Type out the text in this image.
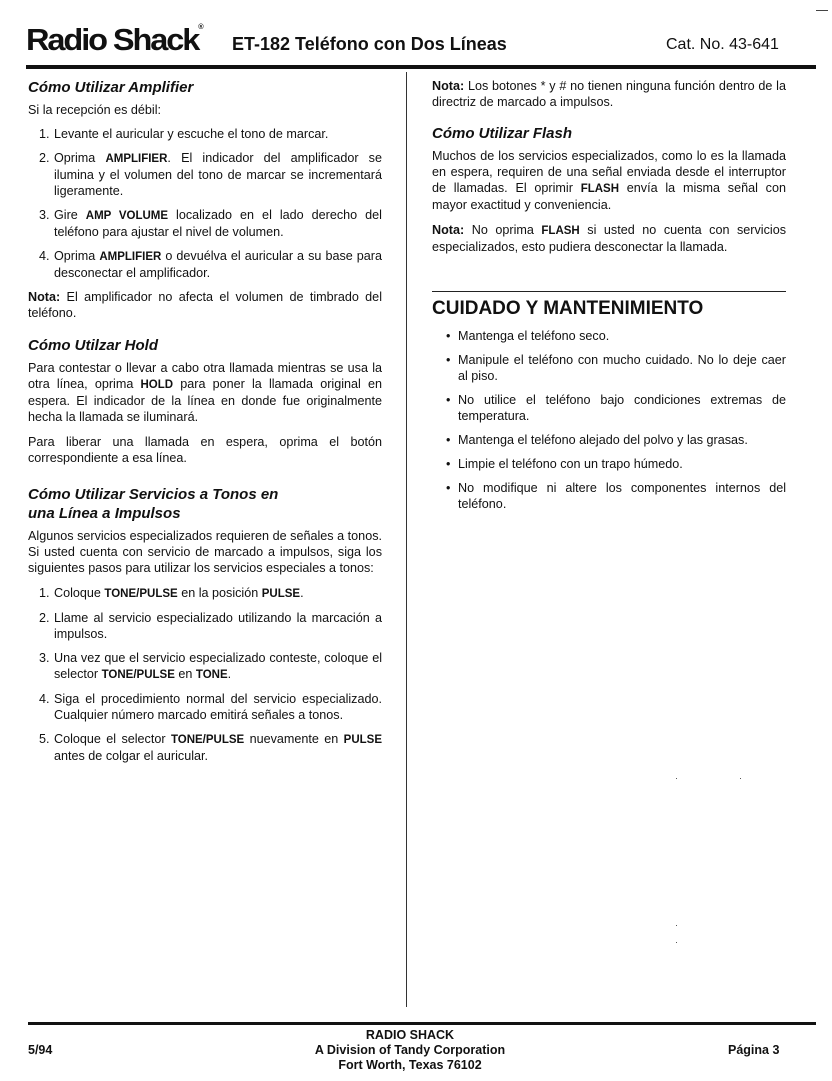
Radio Shack®
ET-182 Teléfono con Dos Líneas	Cat. No. 43-641
Cómo Utilizar Amplifier

Si la recepción es débil:

1. Levante el auricular y escuche el tono de marcar.
2. Oprima AMPLIFIER. El indicador del amplificador se ilumina y el volumen del tono de marcar se incrementará ligeramente.
3. Gire AMP VOLUME localizado en el lado derecho del teléfono para ajustar el nivel de volumen.
4. Oprima AMPLIFIER o devuélva el auricular a su base para desconectar el amplificador.

Nota: El amplificador no afecta el volumen de timbrado del teléfono.

Cómo Utilzar Hold

Para contestar o llevar a cabo otra llamada mientras se usa la otra línea, oprima HOLD para poner la llamada original en espera. El indicador de la línea en donde fue originalmente hecha la llamada se iluminará.

Para liberar una llamada en espera, oprima el botón correspondiente a esa línea.

Cómo Utilizar Servicios a Tonos en
una Línea a Impulsos

Algunos servicios especializados requieren de señales a tonos. Si usted cuenta con servicio de marcado a impulsos, siga los siguientes pasos para utilizar los servicios especiales a tonos:

1. Coloque TONE/PULSE en la posición PULSE.
2. Llame al servicio especializado utilizando la marcación a impulsos.
3. Una vez que el servicio especializado conteste, coloque el selector TONE/PULSE en TONE.
4. Siga el procedimiento normal del servicio especializado. Cualquier número marcado emitirá señales a tonos.
5. Coloque el selector TONE/PULSE nuevamente en PULSE antes de colgar el auricular.

Nota: Los botones * y # no tienen ninguna función dentro de la directriz de marcado a impulsos.

Cómo Utilizar Flash

Muchos de los servicios especializados, como lo es la llamada en espera, requiren de una señal enviada desde el interruptor de llamadas. El oprimir FLASH envía la misma señal con mayor exactitud y conveniencia.

Nota: No oprima FLASH si usted no cuenta con servicios especializados, esto pudiera desconectar la llamada.

CUIDADO Y MANTENIMIENTO
• Mantenga el teléfono seco.
• Manipule el teléfono con mucho cuidado. No lo deje caer al piso.
• No utilice el teléfono bajo condiciones extremas de temperatura.
• Mantenga el teléfono alejado del polvo y las grasas.
• Limpie el teléfono con un trapo húmedo.
• No modifique ni altere los componentes internos del teléfono.
RADIO SHACK
A Division of Tandy Corporation
Fort Worth, Texas 76102
5/94	Página 3
